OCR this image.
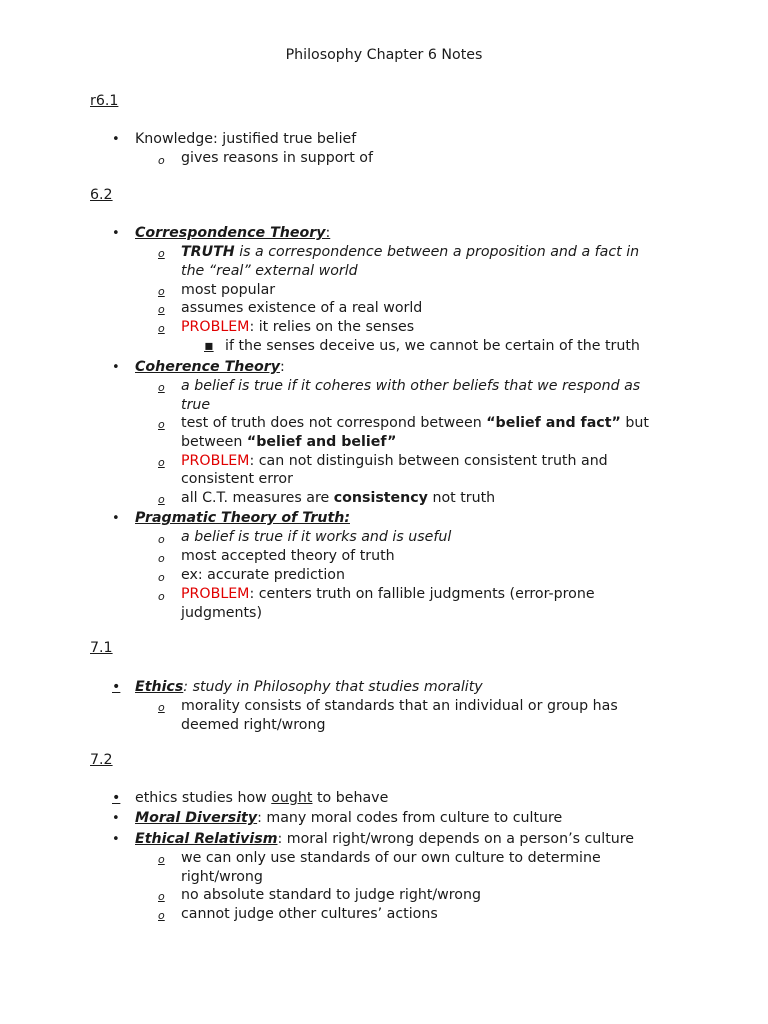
Philosophy Chapter 6 Notes
r6.1
• Knowledge: justified true belief
o gives reasons in support of
6.2
• Correspondence Theory:
o	TRUTH is a correspondence between a proposition and a fact in
the “real” external world
o	most popular
o	assumes existence of a real world
o	PROBLEM: it relies on the senses
▪ if the senses deceive us, we cannot be certain of the truth
• Coherence Theory:
o	a belief is true if it coheres with other beliefs that we respond as
true
o	test of truth does not correspond between “belief and fact” but
between “belief and belief”
o	PROBLEM: can not distinguish between consistent truth and
consistent error
o	all C.T. measures are consistency not truth
• Pragmatic Theory of Truth:
o a belief is true if it works and is useful
o most accepted theory of truth
o ex: accurate prediction
o PROBLEM: centers truth on fallible judgments (error-prone
judgments)
7.1
•	Ethics: study in Philosophy that studies morality
o	morality consists of standards that an individual or group has
deemed right/wrong
7.2
•	ethics studies how ought to behave
• Moral Diversity: many moral codes from culture to culture
• Ethical Relativism: moral right/wrong depends on a person’s culture
o	we can only use standards of our own culture to determine
right/wrong
o	no absolute standard to judge right/wrong
o	cannot judge other cultures’ actions
